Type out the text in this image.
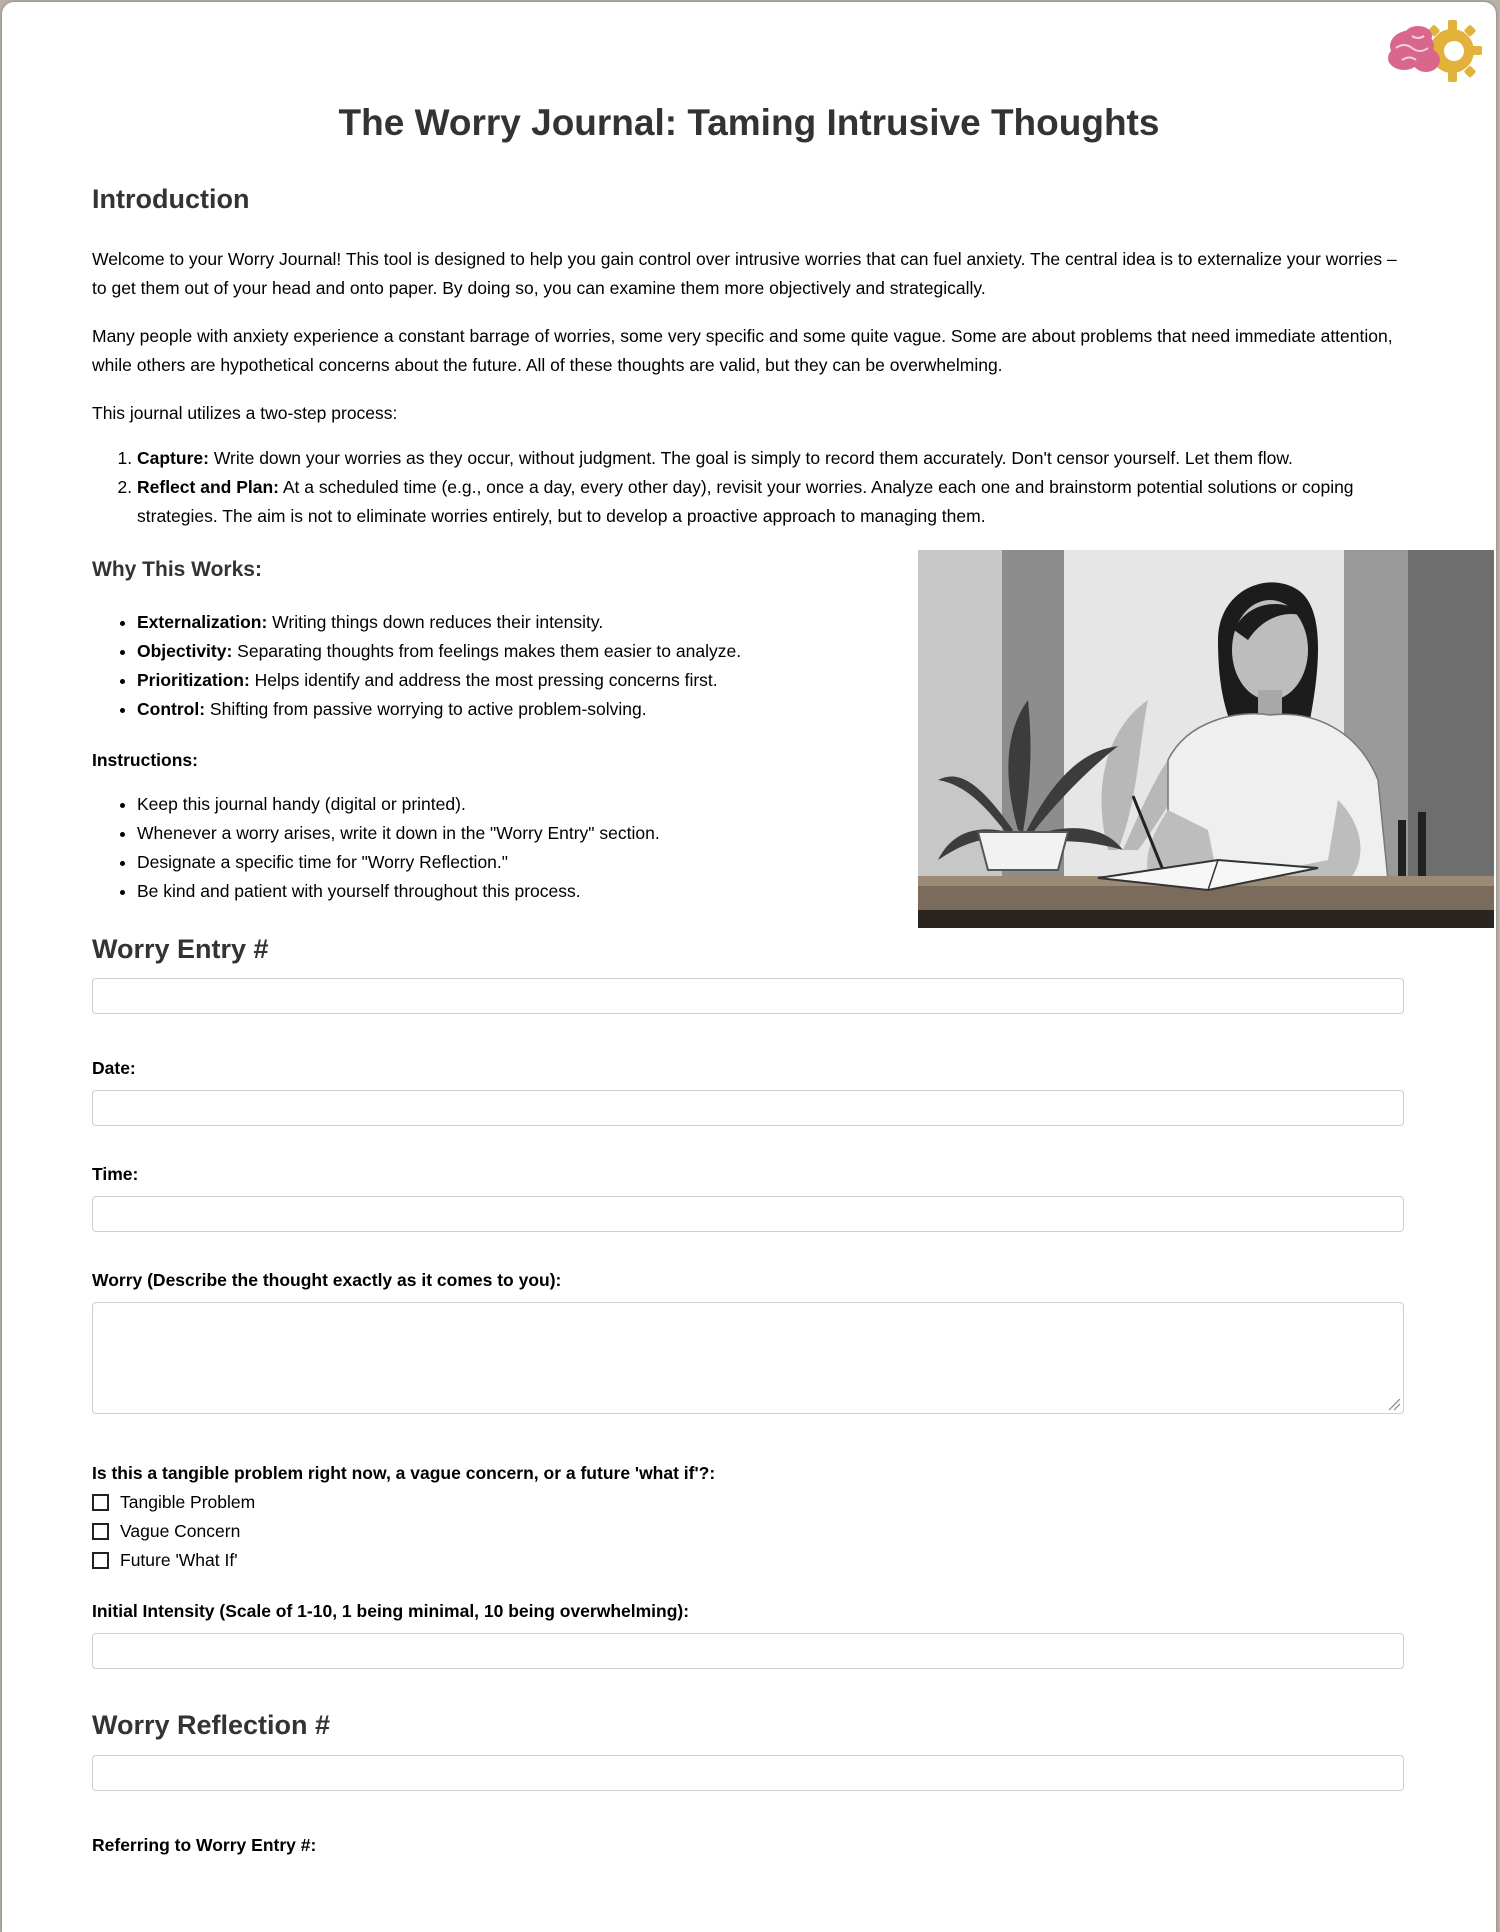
The Worry Journal: Taming Intrusive Thoughts
Introduction

Welcome to your Worry Journal! This tool is designed to help you gain control over intrusive worries that can fuel anxiety. The central idea is to externalize your worries – to get them out of your head and onto paper. By doing so, you can examine them more objectively and strategically.

Many people with anxiety experience a constant barrage of worries, some very specific and some quite vague. Some are about problems that need immediate attention, while others are hypothetical concerns about the future. All of these thoughts are valid, but they can be overwhelming.

This journal utilizes a two-step process:

1. Capture: Write down your worries as they occur, without judgment. The goal is simply to record them accurately. Don't censor yourself. Let them flow.
2. Reflect and Plan: At a scheduled time (e.g., once a day, every other day), revisit your worries. Analyze each one and brainstorm potential solutions or coping strategies. The aim is not to eliminate worries entirely, but to develop a proactive approach to managing them.
Why This Works:
• Externalization: Writing things down reduces their intensity.
• Objectivity: Separating thoughts from feelings makes them easier to analyze.
• Prioritization: Helps identify and address the most pressing concerns first.
• Control: Shifting from passive worrying to active problem-solving.

Instructions:

• Keep this journal handy (digital or printed).
• Whenever a worry arises, write it down in the "Worry Entry" section.
• Designate a specific time for "Worry Reflection."
• Be kind and patient with yourself throughout this process.
Worry Entry #

Date:

Time:

Worry (Describe the thought exactly as it comes to you):

Is this a tangible problem right now, a vague concern, or a future 'what if'?:

Tangible Problem
Vague Concern
Future 'What If'

Initial Intensity (Scale of 1-10, 1 being minimal, 10 being overwhelming):

Worry Reflection #

Referring to Worry Entry #:
